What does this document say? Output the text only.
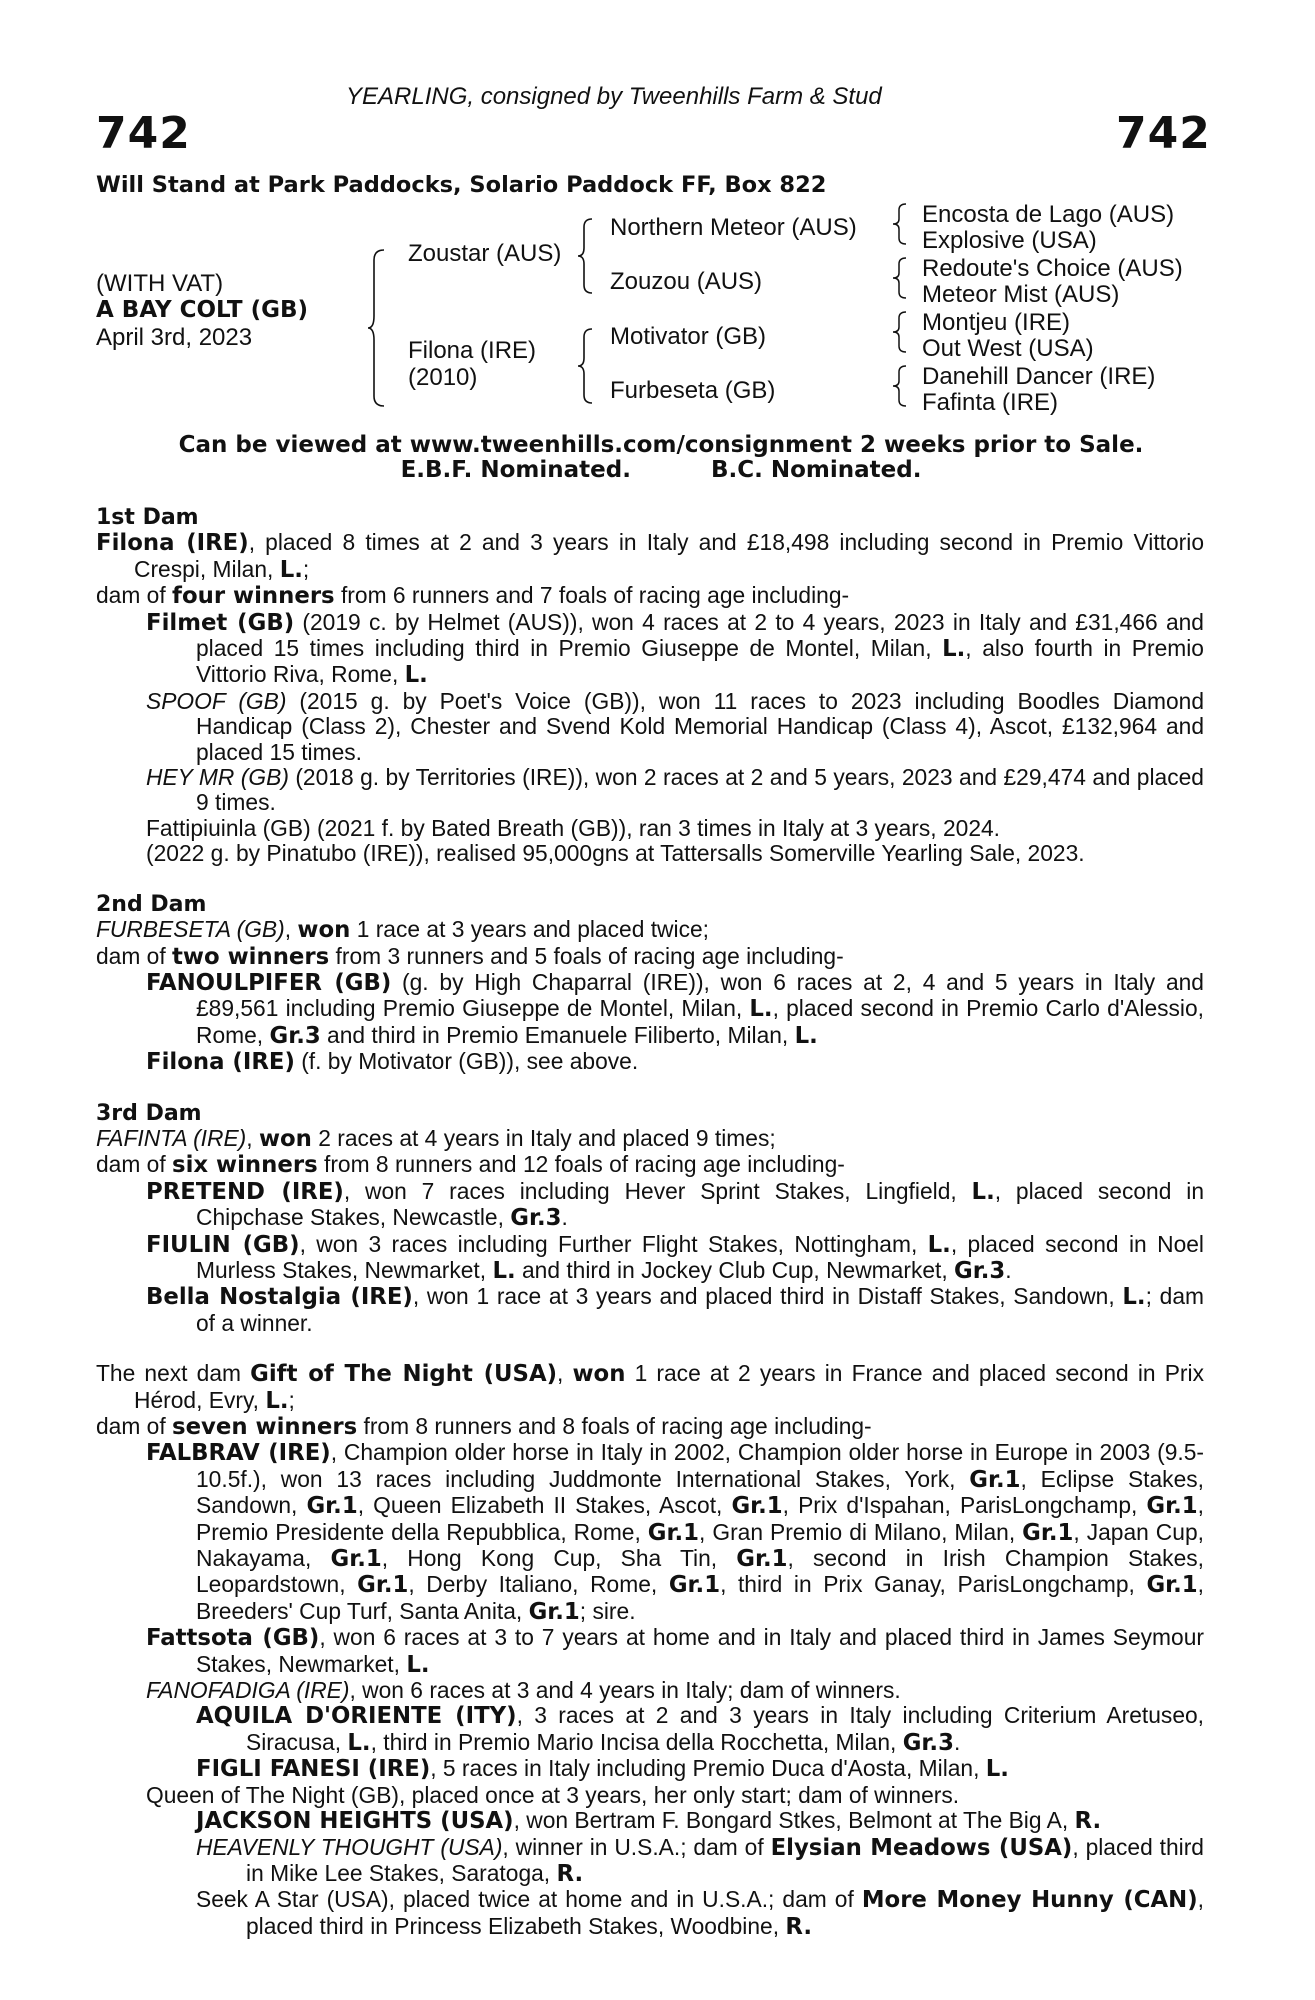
YEARLING, consigned by Tweenhills Farm & Stud
742	742
Will Stand at Park Paddocks, Solario Paddock FF, Box 822
(WITH VAT)
A BAY COLT (GB)
April 3rd, 2023
Zoustar (AUS)
Filona (IRE)
(2010)
Northern Meteor (AUS)
Zouzou (AUS)
Motivator (GB)
Furbeseta (GB)
Encosta de Lago (AUS)
Explosive (USA)
Redoute's Choice (AUS)
Meteor Mist (AUS)
Montjeu (IRE)
Out West (USA)
Danehill Dancer (IRE)
Fafinta (IRE)
Can be viewed at www.tweenhills.com/consignment 2 weeks prior to Sale.
E.B.F. Nominated.	B.C. Nominated.
1st Dam

Filona (IRE), placed 8 times at 2 and 3 years in Italy and £18,498 including second in Premio Vittorio Crespi, Milan, L.;

dam of four winners from 6 runners and 7 foals of racing age including-

Filmet (GB) (2019 c. by Helmet (AUS)), won 4 races at 2 to 4 years, 2023 in Italy and £31,466 and placed 15 times including third in Premio Giuseppe de Montel, Milan, L., also fourth in Premio Vittorio Riva, Rome, L.

SPOOF (GB) (2015 g. by Poet's Voice (GB)), won 11 races to 2023 including Boodles Diamond Handicap (Class 2), Chester and Svend Kold Memorial Handicap (Class 4), Ascot, £132,964 and placed 15 times.

HEY MR (GB) (2018 g. by Territories (IRE)), won 2 races at 2 and 5 years, 2023 and £29,474 and placed 9 times.

Fattipiuinla (GB) (2021 f. by Bated Breath (GB)), ran 3 times in Italy at 3 years, 2024.

(2022 g. by Pinatubo (IRE)), realised 95,000gns at Tattersalls Somerville Yearling Sale, 2023.

2nd Dam

FURBESETA (GB), won 1 race at 3 years and placed twice;

dam of two winners from 3 runners and 5 foals of racing age including-

FANOULPIFER (GB) (g. by High Chaparral (IRE)), won 6 races at 2, 4 and 5 years in Italy and £89,561 including Premio Giuseppe de Montel, Milan, L., placed second in Premio Carlo d'Alessio, Rome, Gr.3 and third in Premio Emanuele Filiberto, Milan, L.

Filona (IRE) (f. by Motivator (GB)), see above.

3rd Dam

FAFINTA (IRE), won 2 races at 4 years in Italy and placed 9 times;

dam of six winners from 8 runners and 12 foals of racing age including-

PRETEND (IRE), won 7 races including Hever Sprint Stakes, Lingfield, L., placed second in Chipchase Stakes, Newcastle, Gr.3.

FIULIN (GB), won 3 races including Further Flight Stakes, Nottingham, L., placed second in Noel Murless Stakes, Newmarket, L. and third in Jockey Club Cup, Newmarket, Gr.3.

Bella Nostalgia (IRE), won 1 race at 3 years and placed third in Distaff Stakes, Sandown, L.; dam of a winner.

The next dam Gift of The Night (USA), won 1 race at 2 years in France and placed second in Prix Hérod, Evry, L.;

dam of seven winners from 8 runners and 8 foals of racing age including-

FALBRAV (IRE), Champion older horse in Italy in 2002, Champion older horse in Europe in 2003 (9.5-10.5f.), won 13 races including Juddmonte International Stakes, York, Gr.1, Eclipse Stakes, Sandown, Gr.1, Queen Elizabeth II Stakes, Ascot, Gr.1, Prix d'Ispahan, ParisLongchamp, Gr.1, Premio Presidente della Repubblica, Rome, Gr.1, Gran Premio di Milano, Milan, Gr.1, Japan Cup, Nakayama, Gr.1, Hong Kong Cup, Sha Tin, Gr.1, second in Irish Champion Stakes, Leopardstown, Gr.1, Derby Italiano, Rome, Gr.1, third in Prix Ganay, ParisLongchamp, Gr.1, Breeders' Cup Turf, Santa Anita, Gr.1; sire.

Fattsota (GB), won 6 races at 3 to 7 years at home and in Italy and placed third in James Seymour Stakes, Newmarket, L.

FANOFADIGA (IRE), won 6 races at 3 and 4 years in Italy; dam of winners.

AQUILA D'ORIENTE (ITY), 3 races at 2 and 3 years in Italy including Criterium Aretuseo, Siracusa, L., third in Premio Mario Incisa della Rocchetta, Milan, Gr.3.

FIGLI FANESI (IRE), 5 races in Italy including Premio Duca d'Aosta, Milan, L.

Queen of The Night (GB), placed once at 3 years, her only start; dam of winners.

JACKSON HEIGHTS (USA), won Bertram F. Bongard Stkes, Belmont at The Big A, R.

HEAVENLY THOUGHT (USA), winner in U.S.A.; dam of Elysian Meadows (USA), placed third in Mike Lee Stakes, Saratoga, R.

Seek A Star (USA), placed twice at home and in U.S.A.; dam of More Money Hunny (CAN), placed third in Princess Elizabeth Stakes, Woodbine, R.
